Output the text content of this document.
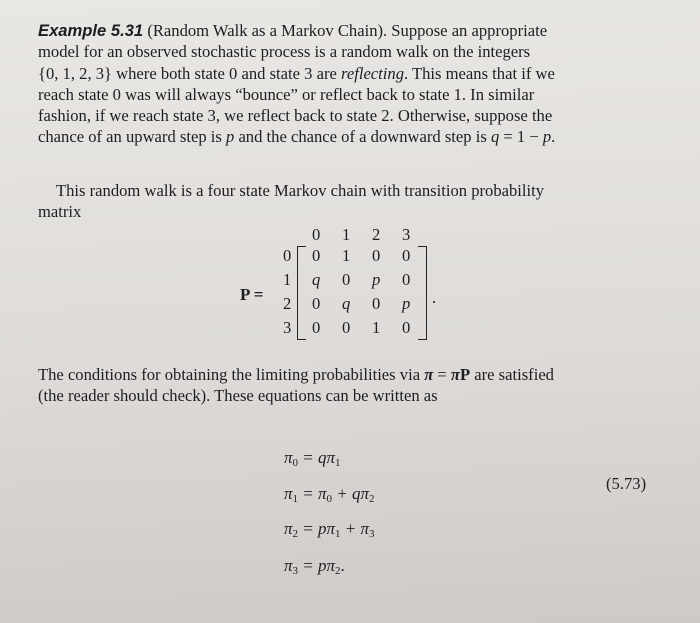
Example 5.31 (Random Walk as a Markov Chain). Suppose an appropriate
model for an observed stochastic process is a random walk on the integers
{0, 1, 2, 3} where both state 0 and state 3 are reflecting. This means that if we
reach state 0 was will always “bounce” or reflect back to state 1. In similar
fashion, if we reach state 3, we reflect back to state 2. Otherwise, suppose the
chance of an upward step is p and the chance of a downward step is q = 1 − p.
This random walk is a four state Markov chain with transition probability
matrix
P =
0 1 2 3
0
1
2
3
0 1 0 0
q 0 p 0
0 q 0 p
0 0 1 0
.
The conditions for obtaining the limiting probabilities via π = πP are satisfied
(the reader should check). These equations can be written as
$\pi_0 = q\pi_1$
$\pi_1 = \pi_0 + q\pi_2$
$\pi_2 = p\pi_1 + \pi_3$
$\pi_3 = p\pi_2$.
(5.73)
